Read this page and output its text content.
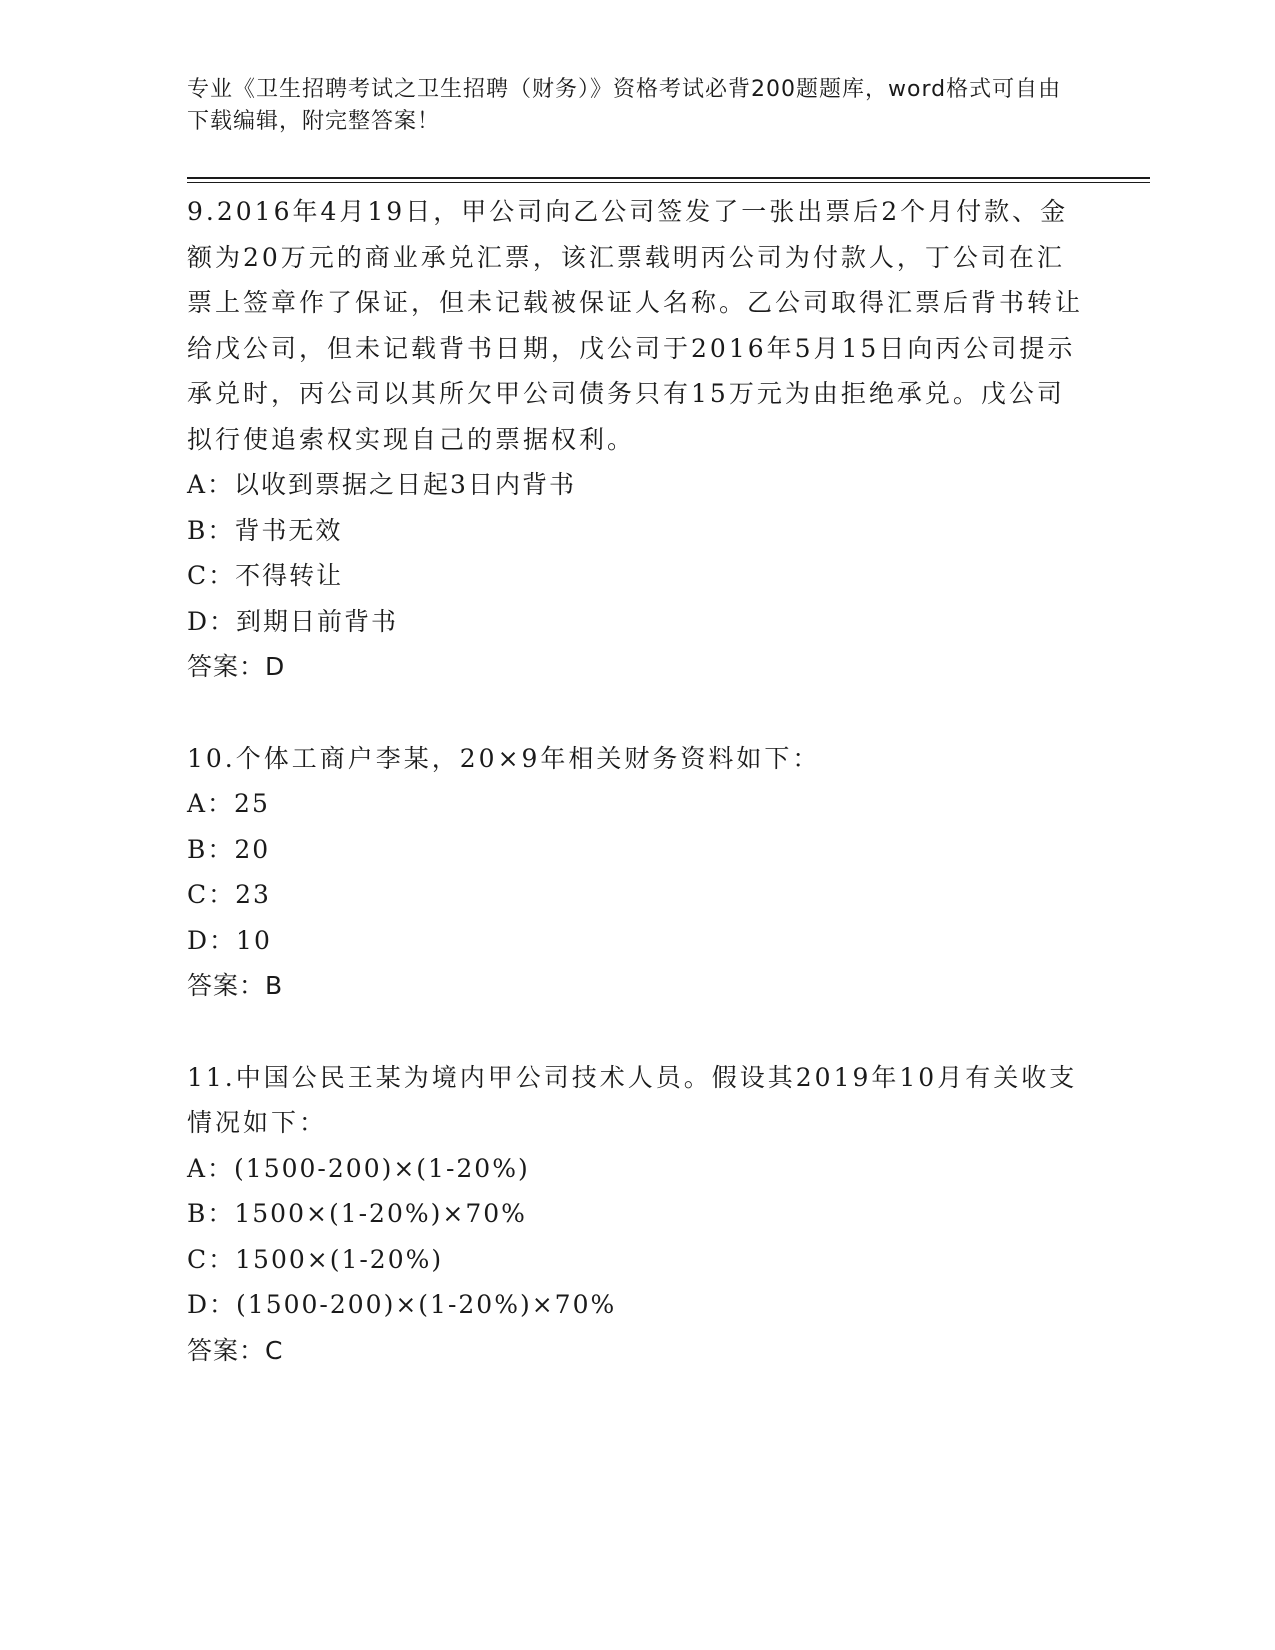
专业《卫生招聘考试之卫生招聘（财务）》资格考试必背200题题库，word格式可自由下载编辑，附完整答案！

9.2016年4月19日，甲公司向乙公司签发了一张出票后2个月付款、金额为20万元的商业承兑汇票，该汇票载明丙公司为付款人，丁公司在汇票上签章作了保证，但未记载被保证人名称。乙公司取得汇票后背书转让给戊公司，但未记载背书日期，戊公司于2016年5月15日向丙公司提示承兑时，丙公司以其所欠甲公司债务只有15万元为由拒绝承兑。戊公司拟行使追索权实现自己的票据权利。

A：以收到票据之日起3日内背书

B：背书无效

C：不得转让

D：到期日前背书

答案：D

10.个体工商户李某，20×9年相关财务资料如下：

A：25

B：20

C：23

D：10

答案：B

11.中国公民王某为境内甲公司技术人员。假设其2019年10月有关收支情况如下：

A：(1500-200)×(1-20%)

B：1500×(1-20%)×70%

C：1500×(1-20%)

D：(1500-200)×(1-20%)×70%

答案：C
